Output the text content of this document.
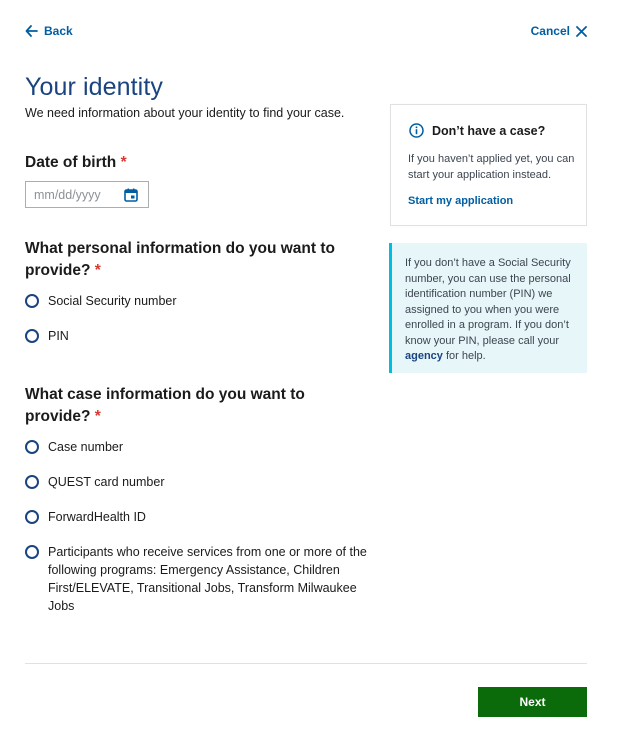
Back	Cancel
Your identity

We need information about your identity to find your case.

Date of birth *
mm/dd/yyyy
What personal information do you want to provide? *
Social Security number
PIN
What case information do you want to provide? *
Case number
QUEST card number
ForwardHealth ID
Participants who receive services from one or more of the following programs: Emergency Assistance, Children First/ELEVATE, Transitional Jobs, Transform Milwaukee Jobs
Don’t have a case?

If you haven’t applied yet, you can start your application instead.

Start my application

If you don’t have a Social Security number, you can use the personal identification number (PIN) we assigned to you when you were enrolled in a program. If you don’t know your PIN, please call your agency for help.

Next
